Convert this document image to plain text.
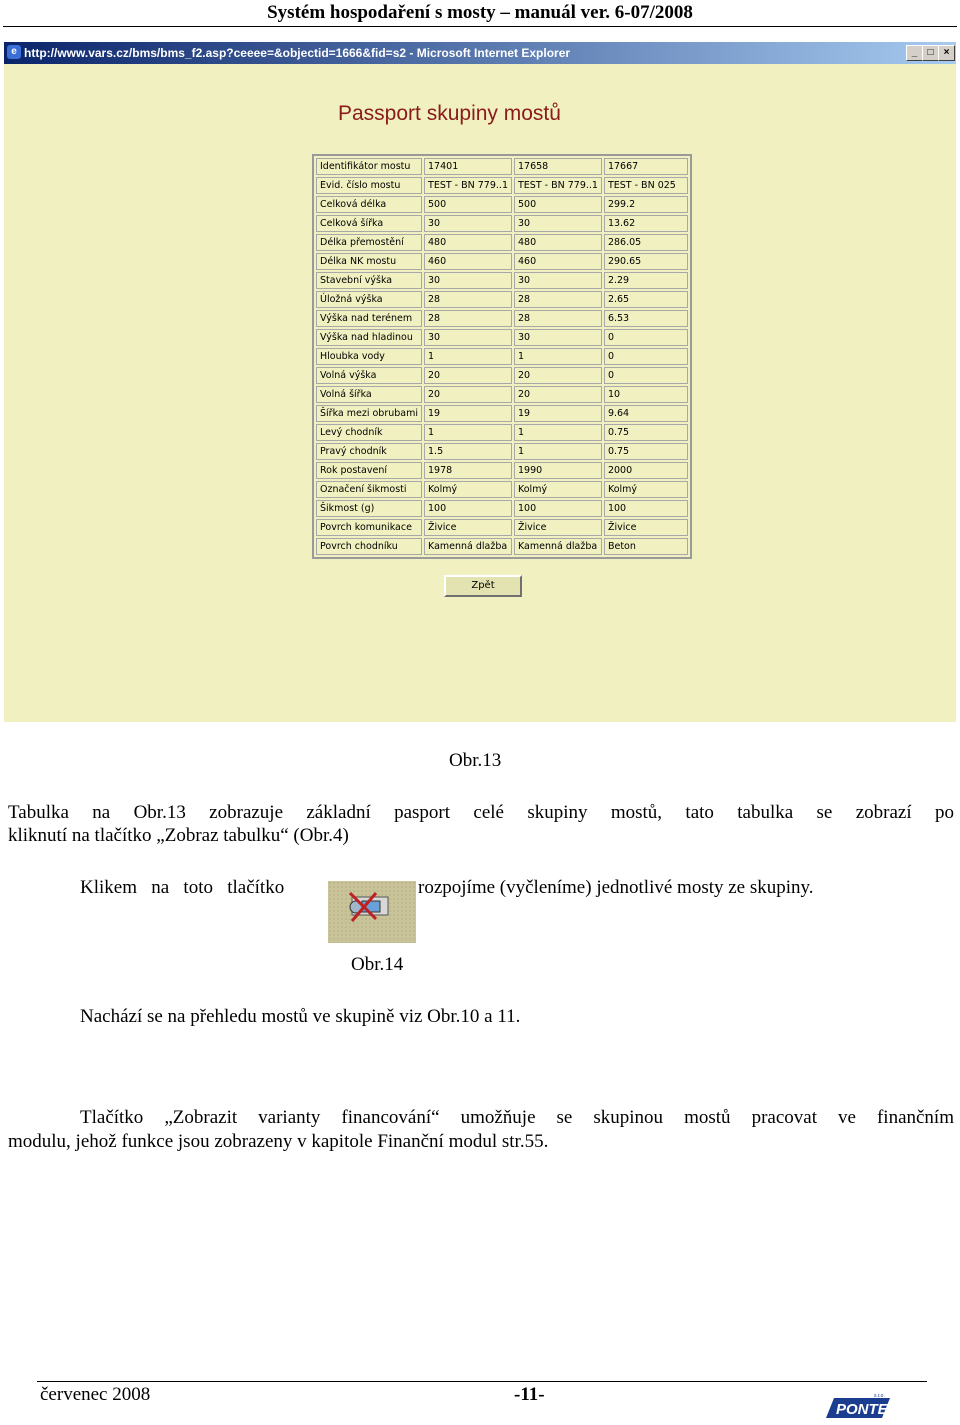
Systém hospodaření s mosty – manuál ver. 6-07/2008
e http://www.vars.cz/bms/bms_f2.asp?ceeee=&objectid=1666&fid=s2 - Microsoft Internet Explorer	_	□	×
Passport skupiny mostů
Identifikátor mostu	17401	17658	17667
Evid. číslo mostu	TEST - BN 779..1	TEST - BN 779..1	TEST - BN 025
Celková délka	500	500	299.2
Celková šířka	30	30	13.62
Délka přemostění	480	480	286.05
Délka NK mostu	460	460	290.65
Stavební výška	30	30	2.29
Úložná výška	28	28	2.65
Výška nad terénem	28	28	6.53
Výška nad hladinou	30	30	0
Hloubka vody	1	1	0
Volná výška	20	20	0
Volná šířka	20	20	10
Šířka mezi obrubami	19	19	9.64
Levý chodník	1	1	0.75
Pravý chodník	1.5	1	0.75
Rok postavení	1978	1990	2000
Označení šikmosti	Kolmý	Kolmý	Kolmý
Šikmost (g)	100	100	100
Povrch komunikace	Živice	Živice	Živice
Povrch chodníku	Kamenná dlažba	Kamenná dlažba	Beton
Zpět
Obr.13
Tabulka na Obr.13 zobrazuje základní pasport celé skupiny mostů, tato tabulka se zobrazí po
kliknutí na tlačítko „Zobraz tabulku“ (Obr.4)
Klikem   na   toto   tlačítko	rozpojíme (vyčleníme) jednotlivé mosty ze skupiny.
Obr.14
Nachází se na přehledu mostů ve skupině viz Obr.10 a 11.
Tlačítko „Zobrazit varianty financování“ umožňuje se skupinou mostů pracovat ve finančním
modulu, jehož funkce jsou zobrazeny v kapitole Finanční modul str.55.
červenec 2008	-11-
PONTEX
s.r.o.
